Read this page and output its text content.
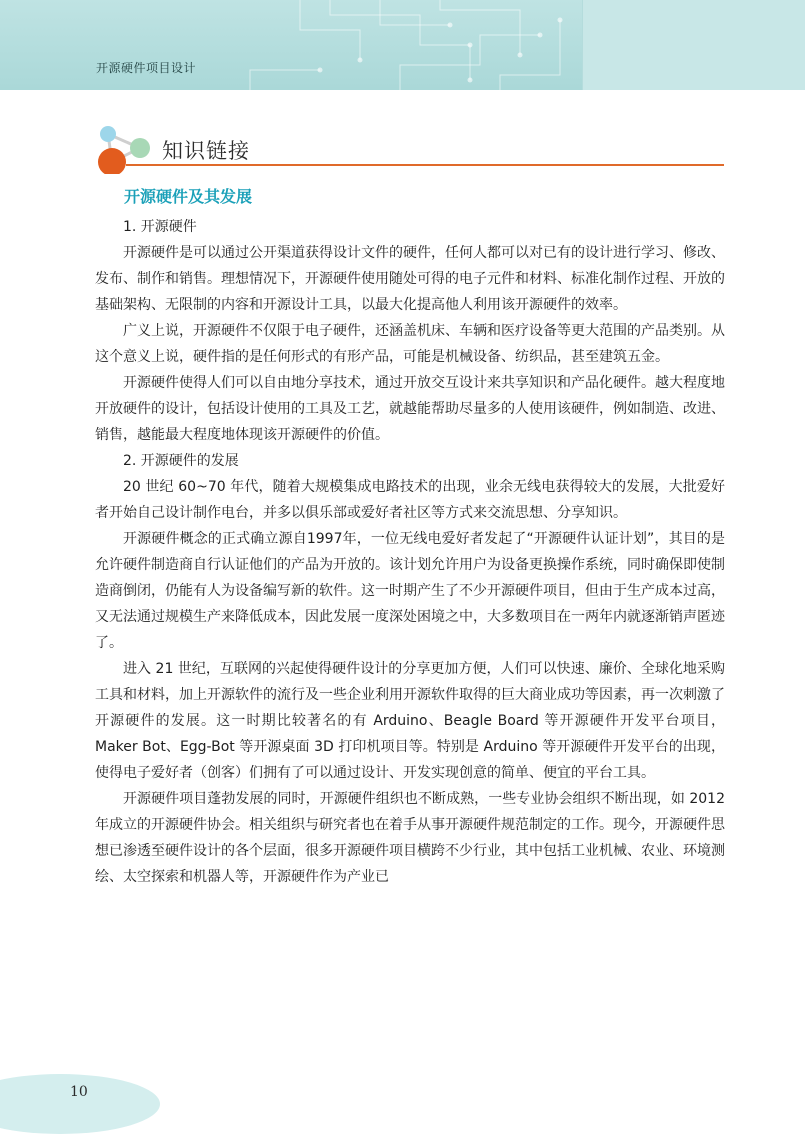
开源硬件项目设计
知识链接
开源硬件及其发展

1. 开源硬件

开源硬件是可以通过公开渠道获得设计文件的硬件，任何人都可以对已有的设计进行学习、修改、发布、制作和销售。理想情况下，开源硬件使用随处可得的电子元件和材料、标准化制作过程、开放的基础架构、无限制的内容和开源设计工具，以最大化提高他人利用该开源硬件的效率。

广义上说，开源硬件不仅限于电子硬件，还涵盖机床、车辆和医疗设备等更大范围的产品类别。从这个意义上说，硬件指的是任何形式的有形产品，可能是机械设备、纺织品，甚至建筑五金。

开源硬件使得人们可以自由地分享技术，通过开放交互设计来共享知识和产品化硬件。越大程度地开放硬件的设计，包括设计使用的工具及工艺，就越能帮助尽量多的人使用该硬件，例如制造、改进、销售，越能最大程度地体现该开源硬件的价值。

2. 开源硬件的发展

20 世纪 60~70 年代，随着大规模集成电路技术的出现，业余无线电获得较大的发展，大批爱好者开始自己设计制作电台，并多以俱乐部或爱好者社区等方式来交流思想、分享知识。

开源硬件概念的正式确立源自1997年，一位无线电爱好者发起了“开源硬件认证计划”，其目的是允许硬件制造商自行认证他们的产品为开放的。该计划允许用户为设备更换操作系统，同时确保即使制造商倒闭，仍能有人为设备编写新的软件。这一时期产生了不少开源硬件项目，但由于生产成本过高，又无法通过规模生产来降低成本，因此发展一度深处困境之中，大多数项目在一两年内就逐渐销声匿迹了。

进入 21 世纪，互联网的兴起使得硬件设计的分享更加方便，人们可以快速、廉价、全球化地采购工具和材料，加上开源软件的流行及一些企业利用开源软件取得的巨大商业成功等因素，再一次刺激了开源硬件的发展。这一时期比较著名的有 Arduino、Beagle Board 等开源硬件开发平台项目，Maker Bot、Egg-Bot 等开源桌面 3D 打印机项目等。特别是 Arduino 等开源硬件开发平台的出现，使得电子爱好者（创客）们拥有了可以通过设计、开发实现创意的简单、便宜的平台工具。

开源硬件项目蓬勃发展的同时，开源硬件组织也不断成熟，一些专业协会组织不断出现，如 2012 年成立的开源硬件协会。相关组织与研究者也在着手从事开源硬件规范制定的工作。现今，开源硬件思想已渗透至硬件设计的各个层面，很多开源硬件项目横跨不少行业，其中包括工业机械、农业、环境测绘、太空探索和机器人等，开源硬件作为产业已

10
